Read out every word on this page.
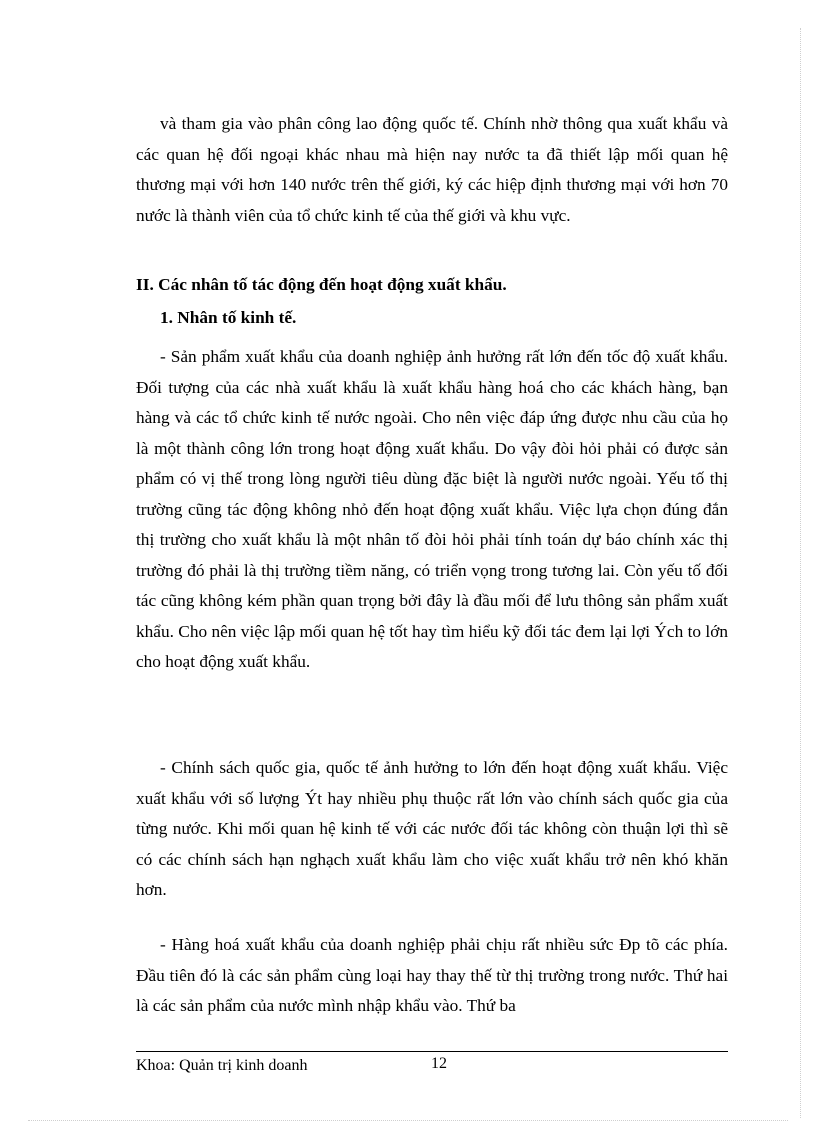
và tham gia vào phân công lao động quốc tế. Chính nhờ thông qua xuất khẩu và các quan hệ đối ngoại khác nhau mà hiện nay nước ta đã thiết lập mối quan hệ thương mại với hơn 140 nước trên thế giới, ký các hiệp định thương mại với hơn 70 nước là thành viên của tổ chức kinh tế của thế giới và khu vực.
II. Các nhân tố tác động đến hoạt động xuất khẩu.
1. Nhân tố kinh tế.
- Sản phẩm xuất khẩu của doanh nghiệp ảnh hưởng rất lớn đến tốc độ xuất khẩu. Đối tượng của các nhà xuất khẩu là xuất khẩu hàng hoá cho các khách hàng, bạn hàng và các tổ chức kinh tế nước ngoài. Cho nên việc đáp ứng được nhu cầu của họ là một thành công lớn trong hoạt động xuất khẩu. Do vậy đòi hỏi phải có được sản phẩm có vị thế trong lòng người tiêu dùng đặc biệt là người nước ngoài. Yếu tố thị trường cũng tác động không nhỏ đến hoạt động xuất khẩu. Việc lựa chọn đúng đắn thị trường cho xuất khẩu là một nhân tố đòi hỏi phải tính toán dự báo chính xác thị trường đó phải là thị trường tiềm năng, có triển vọng trong tương lai. Còn yếu tố đối tác cũng không kém phần quan trọng bởi đây là đầu mối để lưu thông sản phẩm xuất khẩu. Cho nên việc lập mối quan hệ tốt hay tìm hiểu kỹ đối tác đem lại lợi Ých to lớn cho hoạt động xuất khẩu.
- Chính sách quốc gia, quốc tế ảnh hưởng to lớn đến hoạt động xuất khẩu. Việc xuất khẩu với số lượng Ýt hay nhiều phụ thuộc rất lớn vào chính sách quốc gia của từng nước. Khi mối quan hệ kinh tế với các nước đối tác không còn thuận lợi thì sẽ có các chính sách hạn nghạch xuất khẩu làm cho việc xuất khẩu trở nên khó khăn hơn.
- Hàng hoá xuất khẩu của doanh nghiệp phải chịu rất nhiều sức Ðp tõ các phía. Đầu tiên đó là các sản phẩm cùng loại hay thay thế từ thị trường trong nước. Thứ hai là các sản phẩm của nước mình nhập khẩu vào. Thứ ba
Khoa: Quản trị kinh doanh	12
